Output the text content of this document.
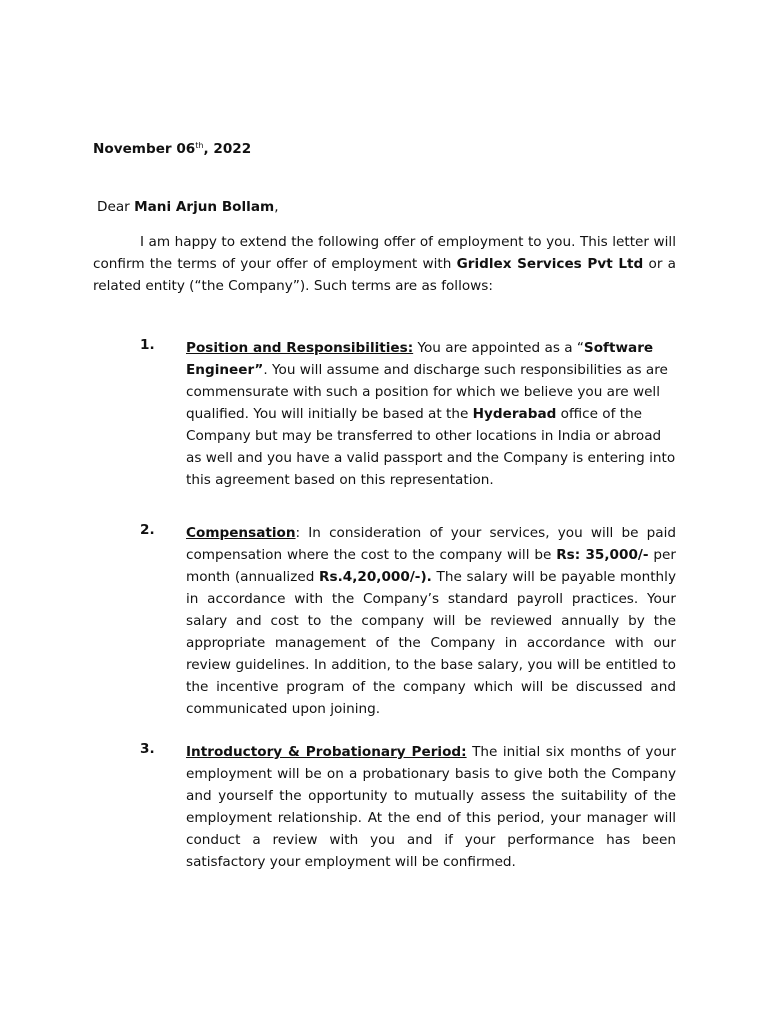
November 06th, 2022
Dear Mani Arjun Bollam,
I am happy to extend the following offer of employment to you. This letter will confirm the terms of your offer of employment with Gridlex Services Pvt Ltd or a related entity (“the Company”). Such terms are as follows:
1. Position and Responsibilities: You are appointed as a “Software Engineer”. You will assume and discharge such responsibilities as are commensurate with such a position for which we believe you are well qualified. You will initially be based at the Hyderabad office of the Company but may be transferred to other locations in India or abroad as well and you have a valid passport and the Company is entering into this agreement based on this representation.
2. Compensation: In consideration of your services, you will be paid compensation where the cost to the company will be Rs: 35,000/- per month (annualized Rs.4,20,000/-). The salary will be payable monthly in accordance with the Company’s standard payroll practices. Your salary and cost to the company will be reviewed annually by the appropriate management of the Company in accordance with our review guidelines. In addition, to the base salary, you will be entitled to the incentive program of the company which will be discussed and communicated upon joining.
3. Introductory & Probationary Period: The initial six months of your employment will be on a probationary basis to give both the Company and yourself the opportunity to mutually assess the suitability of the employment relationship. At the end of this period, your manager will conduct a review with you and if your performance has been satisfactory your employment will be confirmed.
